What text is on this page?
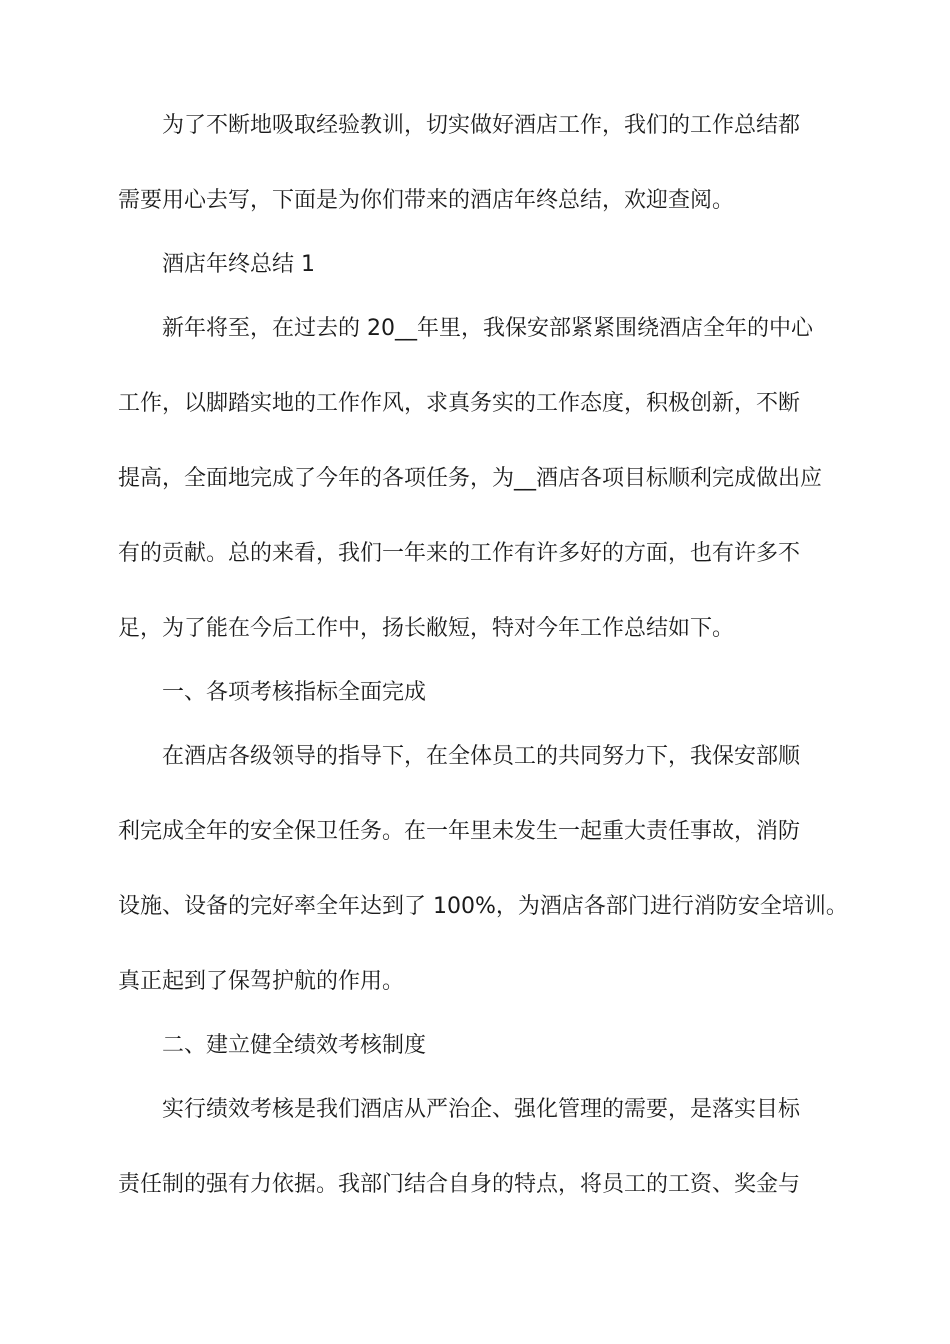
为了不断地吸取经验教训，切实做好酒店工作，我们的工作总结都
需要用心去写，下面是为你们带来的酒店年终总结，欢迎查阅。
酒店年终总结 1
新年将至，在过去的 20__年里，我保安部紧紧围绕酒店全年的中心
工作，以脚踏实地的工作作风，求真务实的工作态度，积极创新，不断
提高，全面地完成了今年的各项任务，为__酒店各项目标顺利完成做出应
有的贡献。总的来看，我们一年来的工作有许多好的方面，也有许多不
足，为了能在今后工作中，扬长敝短，特对今年工作总结如下。
一、各项考核指标全面完成
在酒店各级领导的指导下，在全体员工的共同努力下，我保安部顺
利完成全年的安全保卫任务。在一年里未发生一起重大责任事故，消防
设施、设备的完好率全年达到了 100%，为酒店各部门进行消防安全培训。
真正起到了保驾护航的作用。
二、建立健全绩效考核制度
实行绩效考核是我们酒店从严治企、强化管理的需要，是落实目标
责任制的强有力依据。我部门结合自身的特点，将员工的工资、奖金与
